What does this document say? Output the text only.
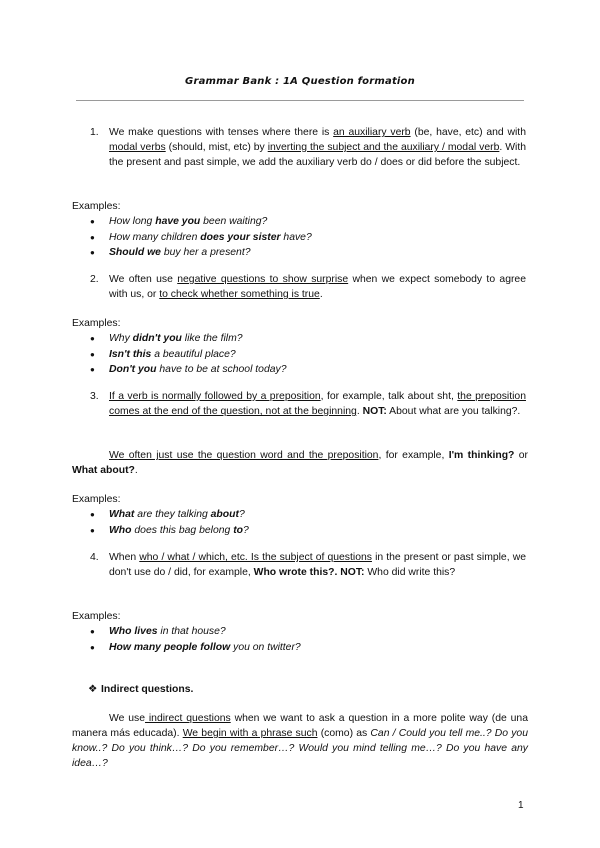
Grammar Bank : 1A Question formation
1. We make questions with tenses where there is an auxiliary verb (be, have, etc) and with modal verbs (should, mist, etc) by inverting the subject and the auxiliary / modal verb. With the present and past simple, we add the auxiliary verb do / does or did before the subject.
Examples:
● How long have you been waiting?
● How many children does your sister have?
● Should we buy her a present?
2. We often use negative questions to show surprise when we expect somebody to agree with us, or to check whether something is true.
Examples:
● Why didn't you like the film?
● Isn't this a beautiful place?
● Don't you have to be at school today?
3. If a verb is normally followed by a preposition, for example, talk about sht, the preposition comes at the end of the question, not at the beginning. NOT: About what are you talking?.
We often just use the question word and the preposition, for example, I'm thinking? or What about?.
Examples:
● What are they talking about?
● Who does this bag belong to?
4. When who / what / which, etc. Is the subject of questions in the present or past simple, we don't use do / did, for example, Who wrote this?. NOT: Who did write this?
Examples:
● Who lives in that house?
● How many people follow you on twitter?
❖ Indirect questions.
We use indirect questions when we want to ask a question in a more polite way (de una manera más educada). We begin with a phrase such (como) as Can / Could you tell me..? Do you know..? Do you think…? Do you remember…? Would you mind telling me…? Do you have any idea…?
1
